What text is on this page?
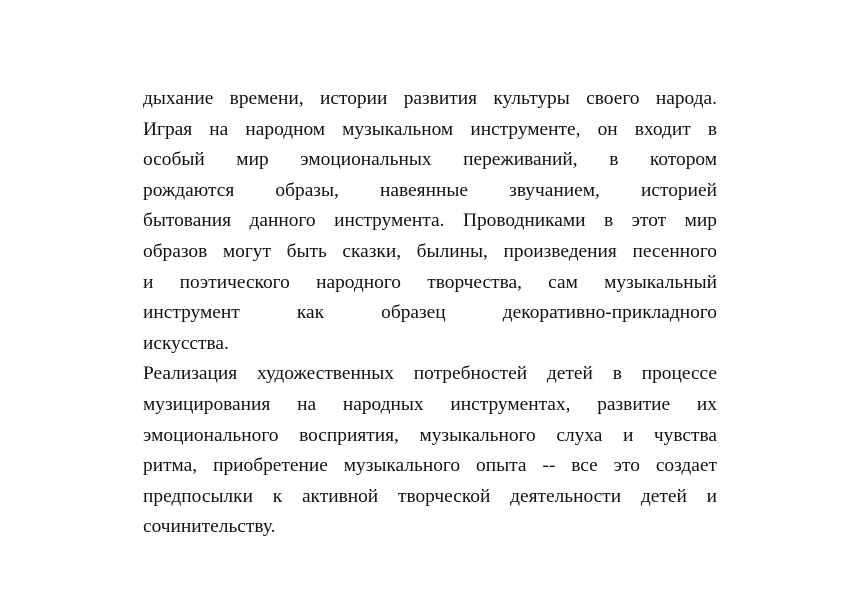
дыхание времени, истории развития культуры своего народа.
Играя на народном музыкальном инструменте, он входит в
особый мир эмоциональных переживаний, в котором
рождаются образы, навеянные звучанием, историей
бытования данного инструмента. Проводниками в этот мир
образов могут быть сказки, былины, произведения песенного
и поэтического народного творчества, сам музыкальный
инструмент как образец декоративно-прикладного
искусства.
Реализация художественных потребностей детей в процессе
музицирования на народных инструментах, развитие их
эмоционального восприятия, музыкального слуха и чувства
ритма, приобретение музыкального опыта -- все это создает
предпосылки к активной творческой деятельности детей и
сочинительству.
